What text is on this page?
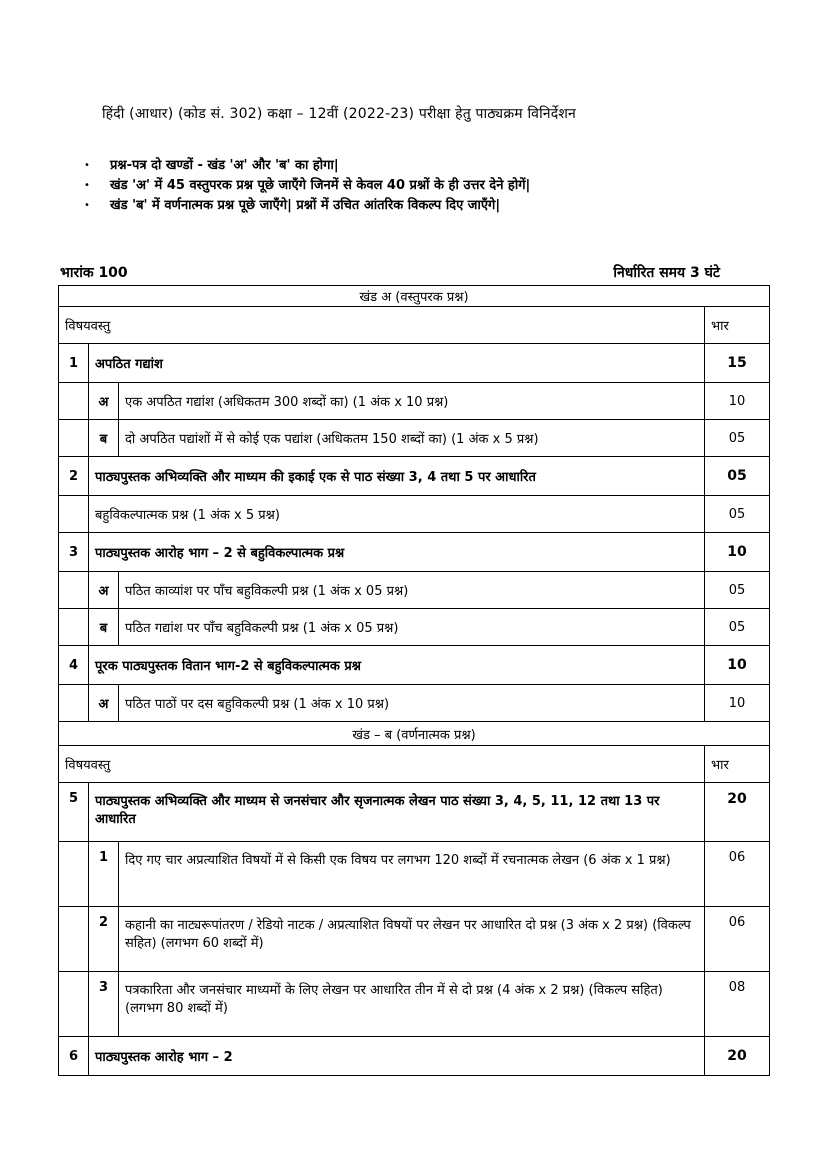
हिंदी (आधार) (कोड सं. 302) कक्षा – 12वीं (2022-23) परीक्षा हेतु पाठ्यक्रम विनिर्देशन
• प्रश्न-पत्र दो खण्डों - खंड 'अ' और 'ब' का होगा|
• खंड 'अ' में 45 वस्तुपरक प्रश्न पूछे जाएँगे जिनमें से केवल 40 प्रश्नों के ही उत्तर देने होगें|
• खंड 'ब' में वर्णनात्मक प्रश्न पूछे जाएँगे| प्रश्नों में उचित आंतरिक विकल्प दिए जाएँगे|
भारांक 100	निर्धारित समय 3 घंटे
खंड अ (वस्तुपरक प्रश्न)			
विषयवस्तु			भार
1	अपठित गद्यांश		15
	अ	एक अपठित गद्यांश (अधिकतम 300 शब्दों का) (1 अंक x 10 प्रश्न)	10
	ब	दो अपठित पद्यांशों में से कोई एक पद्यांश (अधिकतम 150 शब्दों का) (1 अंक x 5 प्रश्न)	05
2	पाठ्यपुस्तक अभिव्यक्ति और माध्यम की इकाई एक से पाठ संख्या 3, 4 तथा 5 पर आधारित		05
	बहुविकल्पात्मक प्रश्न (1 अंक x 5 प्रश्न)		05
3	पाठ्यपुस्तक आरोह भाग – 2 से बहुविकल्पात्मक प्रश्न		10
	अ	पठित काव्यांश पर पाँच बहुविकल्पी प्रश्न (1 अंक x 05 प्रश्न)	05
	ब	पठित गद्यांश पर पाँच बहुविकल्पी प्रश्न (1 अंक x 05 प्रश्न)	05
4	पूरक पाठ्यपुस्तक वितान भाग-2 से बहुविकल्पात्मक प्रश्न		10
	अ	पठित पाठों पर दस बहुविकल्पी प्रश्न (1 अंक x 10 प्रश्न)	10
खंड – ब (वर्णनात्मक प्रश्न)			
विषयवस्तु			भार
5	पाठ्यपुस्तक अभिव्यक्ति और माध्यम से जनसंचार और सृजनात्मक लेखन पाठ संख्या 3, 4, 5, 11, 12 तथा 13 पर आधारित		20
	1	दिए गए चार अप्रत्याशित विषयों में से किसी एक विषय पर लगभग 120 शब्दों में रचनात्मक लेखन (6 अंक x 1 प्रश्न)	06
	2	कहानी का नाट्यरूपांतरण / रेडियो नाटक / अप्रत्याशित विषयों पर लेखन पर आधारित दो प्रश्न (3 अंक x 2 प्रश्न) (विकल्प सहित) (लगभग 60 शब्दों में)	06
	3	पत्रकारिता और जनसंचार माध्यमों के लिए लेखन पर आधारित तीन में से दो प्रश्न (4 अंक x 2 प्रश्न) (विकल्प सहित) (लगभग 80 शब्दों में)	08
6	पाठ्यपुस्तक आरोह भाग – 2		20
